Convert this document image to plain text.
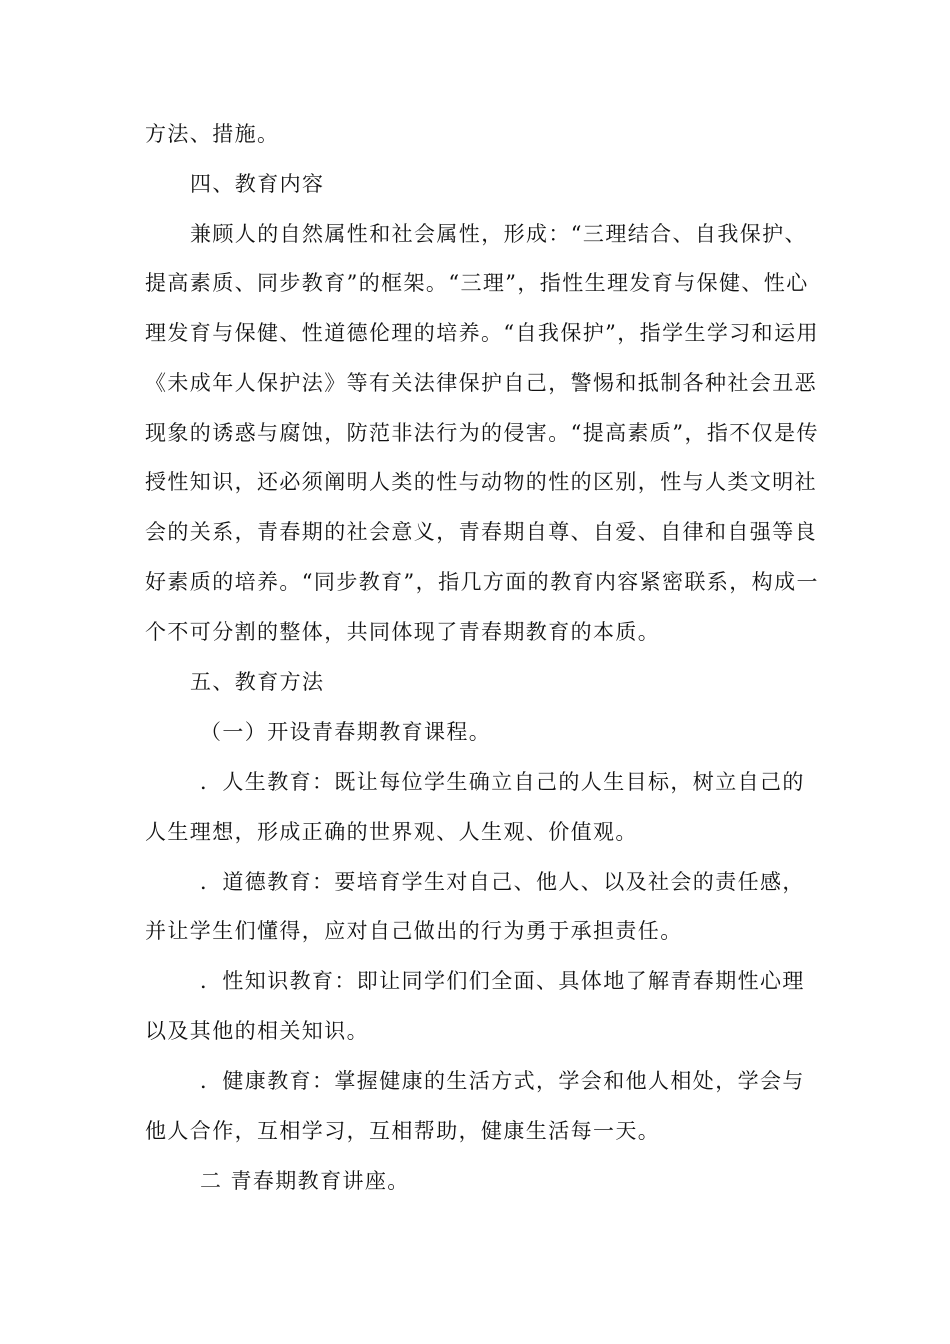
方法、措施。
四、教育内容
兼顾人的自然属性和社会属性，形成：“三理结合、自我保护、
提高素质、同步教育”的框架。“三理”，指性生理发育与保健、性心
理发育与保健、性道德伦理的培养。“自我保护”，指学生学习和运用
《未成年人保护法》等有关法律保护自己，警惕和抵制各种社会丑恶
现象的诱惑与腐蚀，防范非法行为的侵害。“提高素质”，指不仅是传
授性知识，还必须阐明人类的性与动物的性的区别，性与人类文明社
会的关系，青春期的社会意义，青春期自尊、自爱、自律和自强等良
好素质的培养。“同步教育”，指几方面的教育内容紧密联系，构成一
个不可分割的整体，共同体现了青春期教育的本质。
五、教育方法
（一）开设青春期教育课程。
．人生教育：既让每位学生确立自己的人生目标，树立自己的
人生理想，形成正确的世界观、人生观、价值观。
．道德教育：要培育学生对自己、他人、以及社会的责任感，
并让学生们懂得，应对自己做出的行为勇于承担责任。
．性知识教育：即让同学们们全面、具体地了解青春期性心理
以及其他的相关知识。
．健康教育：掌握健康的生活方式，学会和他人相处，学会与
他人合作，互相学习，互相帮助，健康生活每一天。
二 青春期教育讲座。
